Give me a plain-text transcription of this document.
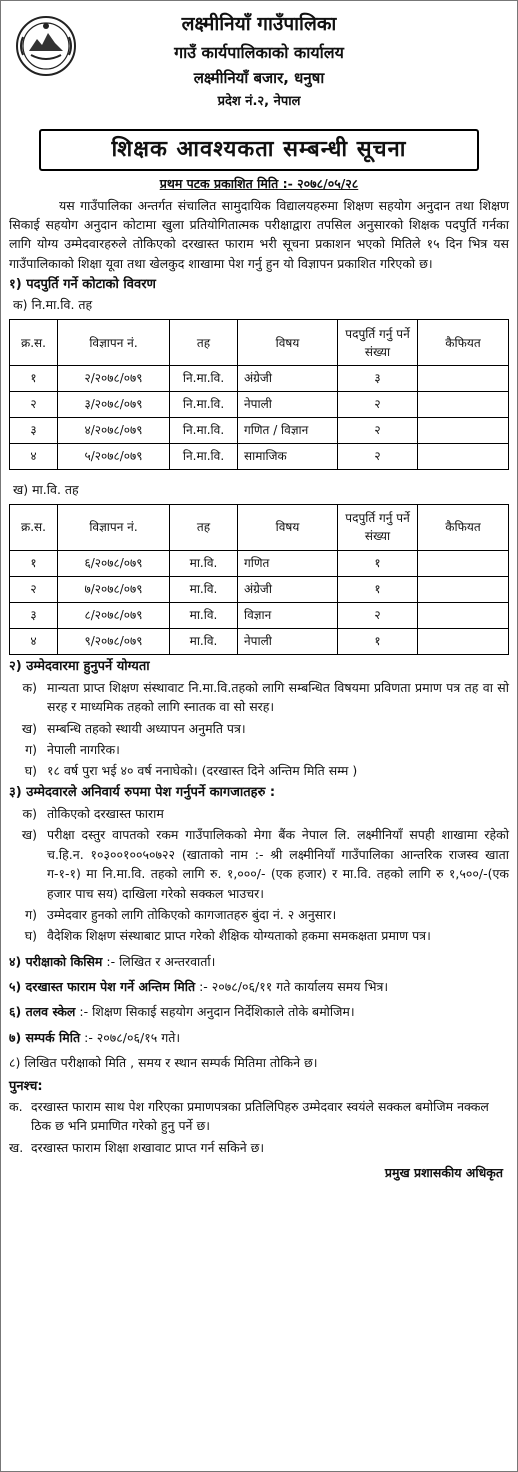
लक्ष्मीनियाँ गाउँपालिका
गाउँ कार्यपालिकाको कार्यालय
लक्ष्मीनियाँ बजार, धनुषा
प्रदेश नं.२, नेपाल
शिक्षक आवश्यकता सम्बन्धी सूचना
प्रथम पटक प्रकाशित मिति :- २०७८/०५/२८
यस गाउँपालिका अन्तर्गत संचालित सामुदायिक विद्यालयहरुमा शिक्षण सहयोग अनुदान तथा शिक्षण सिकाई सहयोग अनुदान कोटामा खुला प्रतियोगितात्मक परीक्षाद्वारा तपसिल अनुसारको शिक्षक पदपुर्ति गर्नका लागि योग्य उम्मेदवारहरुले तोकिएको दरखास्त फाराम भरी सूचना प्रकाशन भएको मितिले १५ दिन भित्र यस गाउँपालिकाको शिक्षा यूवा तथा खेलकुद शाखामा पेश गर्नु हुन यो विज्ञापन प्रकाशित गरिएको छ।
१) पदपुर्ति गर्ने कोटाको विवरण
क) नि.मा.वि. तह
क्र.स.	विज्ञापन नं.	तह	विषय	पदपुर्ति गर्नु पर्ने संख्या	कैफियत
१	२/२०७८/०७९	नि.मा.वि.	अंग्रेजी	३	
२	३/२०७८/०७९	नि.मा.वि.	नेपाली	२	
३	४/२०७८/०७९	नि.मा.वि.	गणित / विज्ञान	२	
४	५/२०७८/०७९	नि.मा.वि.	सामाजिक	२	
ख) मा.वि. तह
क्र.स.	विज्ञापन नं.	तह	विषय	पदपुर्ति गर्नु पर्ने संख्या	कैफियत
१	६/२०७८/०७९	मा.वि.	गणित	१	
२	७/२०७८/०७९	मा.वि.	अंग्रेजी	१	
३	८/२०७८/०७९	मा.वि.	विज्ञान	२	
४	९/२०७८/०७९	मा.वि.	नेपाली	१	
२) उम्मेदवारमा हुनुपर्ने योग्यता
क) मान्यता प्राप्त शिक्षण संस्थावाट नि.मा.वि.तहको लागि सम्बन्धित विषयमा प्रविणता प्रमाण पत्र तह वा सो सरह र माध्यमिक तहको लागि स्नातक वा सो सरह।
ख) सम्बन्धि तहको स्थायी अध्यापन अनुमति पत्र।
ग) नेपाली नागरिक।
घ) १८ वर्ष पुरा भई ४० वर्ष ननाघेको। (दरखास्त दिने अन्तिम मिति सम्म )
३) उम्मेदवारले अनिवार्य रुपमा पेश गर्नुपर्ने कागजातहरु :
क) तोकिएको दरखास्त फाराम
ख) परीक्षा दस्तुर वापतको रकम गाउँपालिकको मेगा बैंक नेपाल लि. लक्ष्मीनियाँ सपही शाखामा रहेको च.हि.न. १०३००१००५०७२२ (खाताको नाम :- श्री लक्ष्मीनियाँ गाउँपालिका आन्तरिक राजस्व खाता ग-१-१) मा नि.मा.वि. तहको लागि रु. १,०००/- (एक हजार) र मा.वि. तहको लागि रु १,५००/-(एक हजार पाच सय) दाखिला गरेको सक्कल भाउचर।
ग) उम्मेदवार हुनको लागि तोकिएको कागजातहरु बुंदा नं. २ अनुसार।
घ) वैदेशिक शिक्षण संस्थाबाट प्राप्त गरेको शैक्षिक योग्यताको हकमा समकक्षता प्रमाण पत्र।
४) परीक्षाको किसिम :- लिखित र अन्तरवार्ता।
५) दरखास्त फाराम पेश गर्ने अन्तिम मिति :- २०७८/०६/११ गते कार्यालय समय भित्र।
६) तलव स्केल :- शिक्षण सिकाई सहयोग अनुदान निर्देशिकाले तोके बमोजिम।
७) सम्पर्क मिति :- २०७८/०६/१५ गते।
८) लिखित परीक्षाको मिति , समय र स्थान सम्पर्क मितिमा तोकिने छ।
पुनश्च:
क. दरखास्त फाराम साथ पेश गरिएका प्रमाणपत्रका प्रतिलिपिहरु उम्मेदवार स्वयंले सक्कल बमोजिम नक्कल ठिक छ भनि प्रमाणित गरेको हुनु पर्ने छ।
ख. दरखास्त फाराम शिक्षा शखावाट प्राप्त गर्न सकिने छ।
प्रमुख प्रशासकीय अधिकृत
